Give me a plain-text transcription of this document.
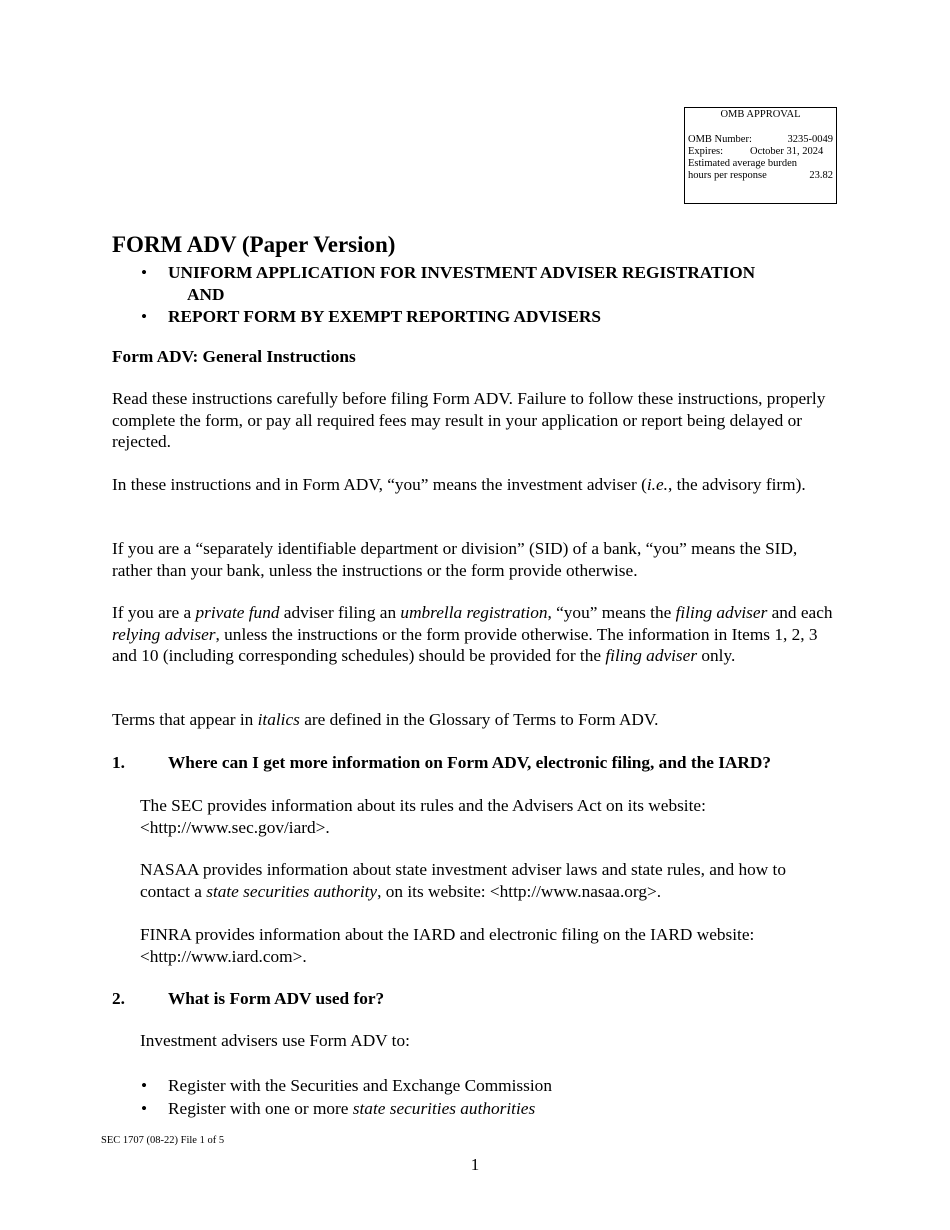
OMB APPROVAL
OMB Number:	3235-0049
Expires:	October 31, 2024
Estimated average burden
hours per response	23.82
FORM ADV (Paper Version)
• UNIFORM APPLICATION FOR INVESTMENT ADVISER REGISTRATION
AND
• REPORT FORM BY EXEMPT REPORTING ADVISERS
Form ADV: General Instructions
Read these instructions carefully before filing Form ADV. Failure to follow these instructions, properly complete the form, or pay all required fees may result in your application or report being delayed or rejected.
In these instructions and in Form ADV, “you” means the investment adviser (i.e., the advisory firm).
If you are a “separately identifiable department or division” (SID) of a bank, “you” means the SID, rather than your bank, unless the instructions or the form provide otherwise.
If you are a private fund adviser filing an umbrella registration, “you” means the filing adviser and each relying adviser, unless the instructions or the form provide otherwise. The information in Items 1, 2, 3 and 10 (including corresponding schedules) should be provided for the filing adviser only.
Terms that appear in italics are defined in the Glossary of Terms to Form ADV.
1. Where can I get more information on Form ADV, electronic filing, and the IARD?
The SEC provides information about its rules and the Advisers Act on its website: <http://www.sec.gov/iard>.
NASAA provides information about state investment adviser laws and state rules, and how to contact a state securities authority, on its website: <http://www.nasaa.org>.
FINRA provides information about the IARD and electronic filing on the IARD website: <http://www.iard.com>.
2. What is Form ADV used for?
Investment advisers use Form ADV to:
• Register with the Securities and Exchange Commission
• Register with one or more state securities authorities
SEC 1707 (08-22) File 1 of 5
1
